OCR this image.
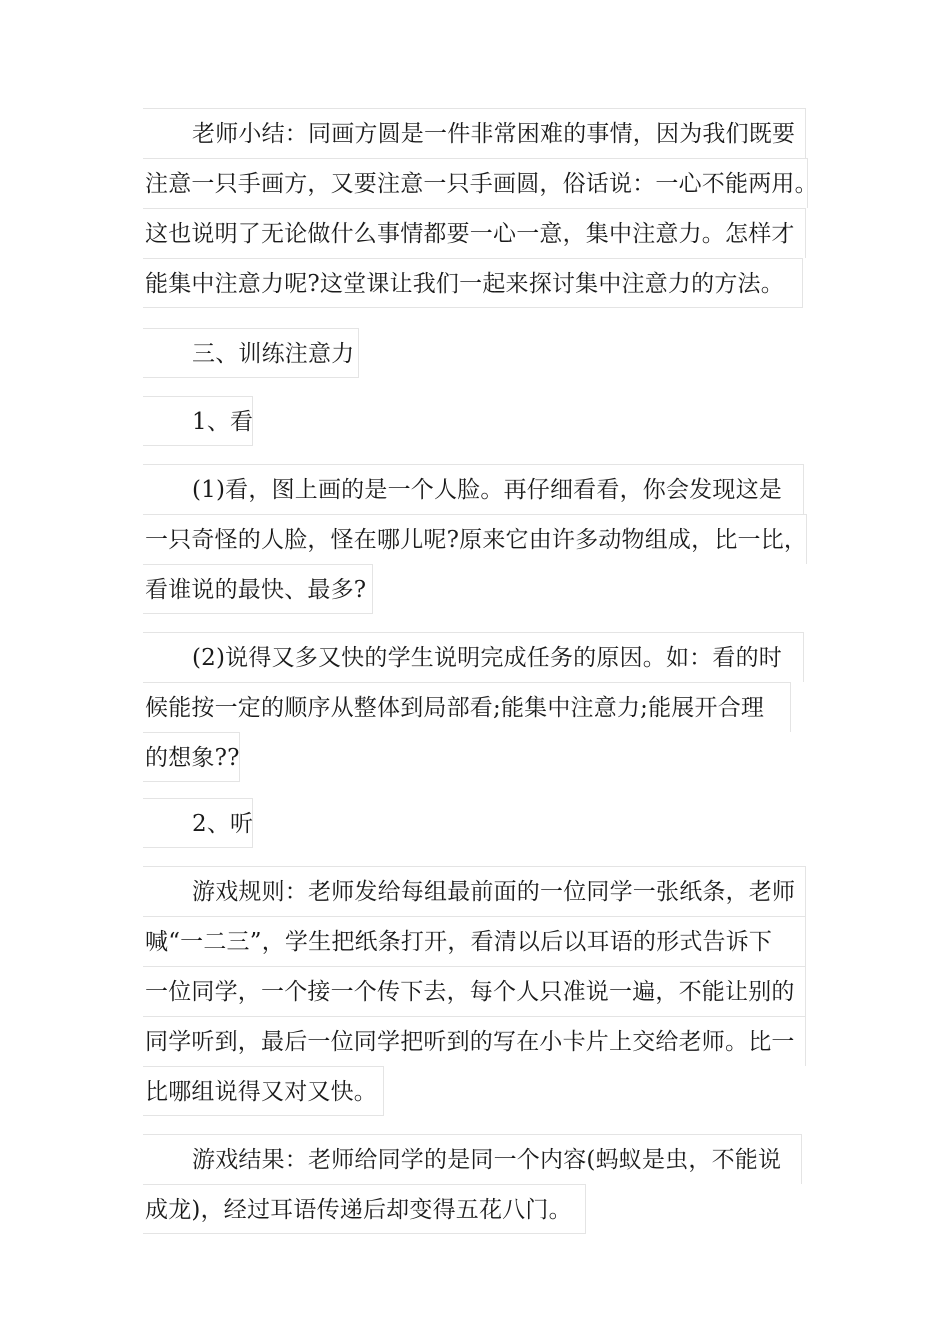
老师小结：同画方圆是一件非常困难的事情，因为我们既要
注意一只手画方，又要注意一只手画圆，俗话说：一心不能两用。
这也说明了无论做什么事情都要一心一意，集中注意力。怎样才
能集中注意力呢?这堂课让我们一起来探讨集中注意力的方法。
三、训练注意力
1、看
(1)看，图上画的是一个人脸。再仔细看看，你会发现这是
一只奇怪的人脸，怪在哪儿呢?原来它由许多动物组成，比一比，
看谁说的最快、最多?
(2)说得又多又快的学生说明完成任务的原因。如：看的时
候能按一定的顺序从整体到局部看;能集中注意力;能展开合理
的想象??
2、听
游戏规则：老师发给每组最前面的一位同学一张纸条，老师
喊“一二三”，学生把纸条打开，看清以后以耳语的形式告诉下
一位同学，一个接一个传下去，每个人只准说一遍，不能让别的
同学听到，最后一位同学把听到的写在小卡片上交给老师。比一
比哪组说得又对又快。
游戏结果：老师给同学的是同一个内容(蚂蚁是虫，不能说
成龙)，经过耳语传递后却变得五花八门。
